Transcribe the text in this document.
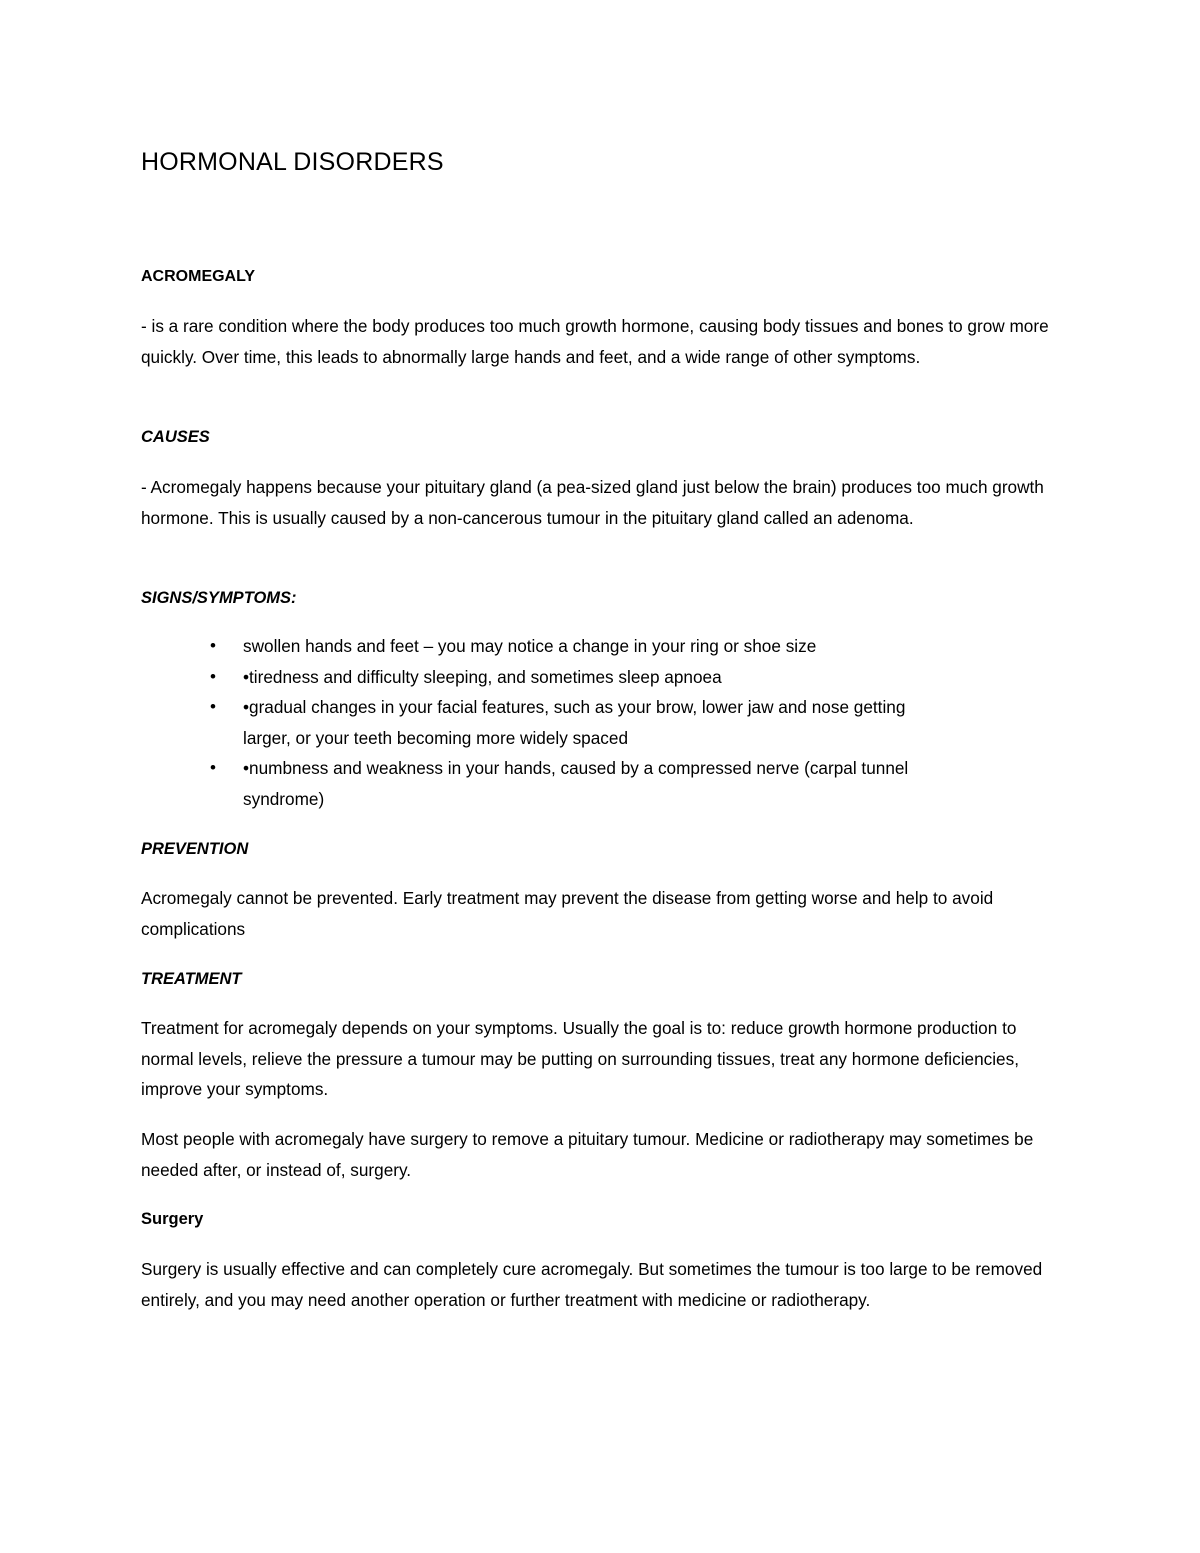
HORMONAL DISORDERS
ACROMEGALY

- is a rare condition where the body produces too much growth hormone, causing body tissues and bones to grow more quickly. Over time, this leads to abnormally large hands and feet, and a wide range of other symptoms.

CAUSES

- Acromegaly happens because your pituitary gland (a pea-sized gland just below the brain) produces too much growth hormone. This is usually caused by a non-cancerous tumour in the pituitary gland called an adenoma.

SIGNS/SYMPTOMS:
• swollen hands and feet – you may notice a change in your ring or shoe size
• •tiredness and difficulty sleeping, and sometimes sleep apnoea
• •gradual changes in your facial features, such as your brow, lower jaw and nose getting larger, or your teeth becoming more widely spaced
• •numbness and weakness in your hands, caused by a compressed nerve (carpal tunnel syndrome)
PREVENTION

Acromegaly cannot be prevented. Early treatment may prevent the disease from getting worse and help to avoid complications

TREATMENT

Treatment for acromegaly depends on your symptoms. Usually the goal is to: reduce growth hormone production to normal levels, relieve the pressure a tumour may be putting on surrounding tissues, treat any hormone deficiencies, improve your symptoms.

Most people with acromegaly have surgery to remove a pituitary tumour. Medicine or radiotherapy may sometimes be needed after, or instead of, surgery.

Surgery

Surgery is usually effective and can completely cure acromegaly. But sometimes the tumour is too large to be removed entirely, and you may need another operation or further treatment with medicine or radiotherapy.
